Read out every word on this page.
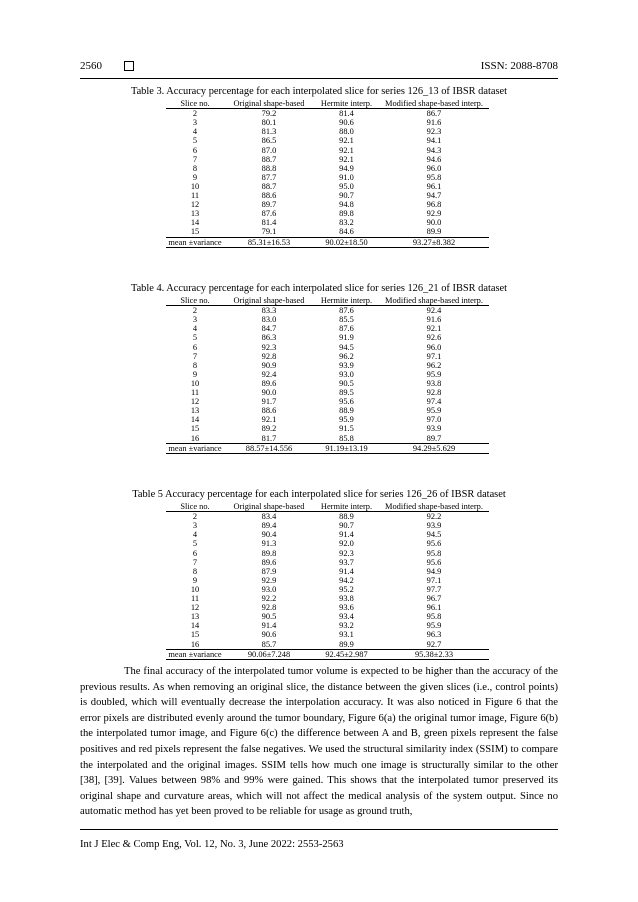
2560	ISSN: 2088-8708
Table 3. Accuracy percentage for each interpolated slice for series 126_13 of IBSR dataset
Slice no.	Original shape-based	Hermite interp.	Modified shape-based interp.
2	79.2	81.4	86.7
3	80.1	90.6	91.6
4	81.3	88.0	92.3
5	86.5	92.1	94.1
6	87.0	92.1	94.3
7	88.7	92.1	94.6
8	88.8	94.9	96.0
9	87.7	91.0	95.8
10	88.7	95.0	96.1
11	88.6	90.7	94.7
12	89.7	94.8	96.8
13	87.6	89.8	92.9
14	81.4	83.2	90.0
15	79.1	84.6	89.9
mean ±variance	85.31±16.53	90.02±18.50	93.27±8.382
Table 4. Accuracy percentage for each interpolated slice for series 126_21 of IBSR dataset
Slice no.	Original shape-based	Hermite interp.	Modified shape-based interp.
2	83.3	87.6	92.4
3	83.0	85.5	91.6
4	84.7	87.6	92.1
5	86.3	91.9	92.6
6	92.3	94.5	96.0
7	92.8	96.2	97.1
8	90.9	93.9	96.2
9	92.4	93.0	95.9
10	89.6	90.5	93.8
11	90.0	89.5	92.8
12	91.7	95.6	97.4
13	88.6	88.9	95.9
14	92.1	95.9	97.0
15	89.2	91.5	93.9
16	81.7	85.8	89.7
mean ±variance	88.57±14.556	91.19±13.19	94.29±5.629
Table 5 Accuracy percentage for each interpolated slice for series 126_26 of IBSR dataset
Slice no.	Original shape-based	Hermite interp.	Modified shape-based interp.
2	83.4	88.9	92.2
3	89.4	90.7	93.9
4	90.4	91.4	94.5
5	91.3	92.0	95.6
6	89.8	92.3	95.8
7	89.6	93.7	95.6
8	87.9	91.4	94.9
9	92.9	94.2	97.1
10	93.0	95.2	97.7
11	92.2	93.8	96.7
12	92.8	93.6	96.1
13	90.5	93.4	95.8
14	91.4	93.2	95.9
15	90.6	93.1	96.3
16	85.7	89.9	92.7
mean ±variance	90.06±7.248	92.45±2.987	95.38±2.33
The final accuracy of the interpolated tumor volume is expected to be higher than the accuracy of the previous results. As when removing an original slice, the distance between the given slices (i.e., control points) is doubled, which will eventually decrease the interpolation accuracy. It was also noticed in Figure 6 that the error pixels are distributed evenly around the tumor boundary, Figure 6(a) the original tumor image, Figure 6(b) the interpolated tumor image, and Figure 6(c) the difference between A and B, green pixels represent the false positives and red pixels represent the false negatives. We used the structural similarity index (SSIM) to compare the interpolated and the original images. SSIM tells how much one image is structurally similar to the other [38], [39]. Values between 98% and 99% were gained. This shows that the interpolated tumor preserved its original shape and curvature areas, which will not affect the medical analysis of the system output. Since no automatic method has yet been proved to be reliable for usage as ground truth,
Int J Elec & Comp Eng, Vol. 12, No. 3, June 2022: 2553-2563
